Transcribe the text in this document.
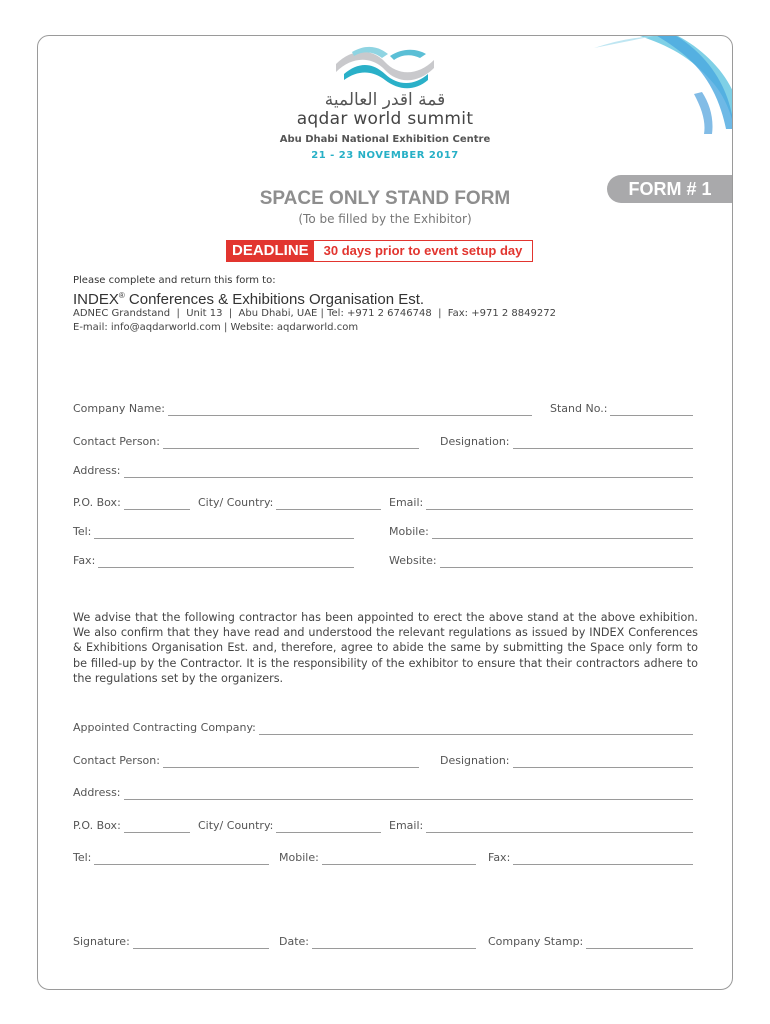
قمة اقدر العالمية
aqdar world summit
Abu Dhabi National Exhibition Centre
21 - 23 NOVEMBER 2017
FORM # 1
SPACE ONLY STAND FORM
(To be filled by the Exhibitor)
DEADLINE	30 days prior to event setup day
Please complete and return this form to:
INDEX® Conferences & Exhibitions Organisation Est.
ADNEC Grandstand  |  Unit 13  |  Abu Dhabi, UAE | Tel: +971 2 6746748  |  Fax: +971 2 8849272
E-mail: info@aqdarworld.com | Website: aqdarworld.com
Company Name:	Stand No.:
Contact Person:	Designation:
Address:
P.O. Box:	City/ Country:	Email:
Tel:	Mobile:
Fax:	Website:
We advise that the following contractor has been appointed to erect the above stand at the above exhibition. We also confirm that they have read and understood the relevant regulations as issued by INDEX Conferences & Exhibitions Organisation Est. and, therefore, agree to abide the same by submitting the Space only form to be filled-up by the Contractor. It is the responsibility of the exhibitor to ensure that their contractors adhere to the regulations set by the organizers.
Appointed Contracting Company:
Contact Person:	Designation:
Address:
P.O. Box:	City/ Country:	Email:
Tel:	Mobile:	Fax:
Signature:	Date:	Company Stamp:
